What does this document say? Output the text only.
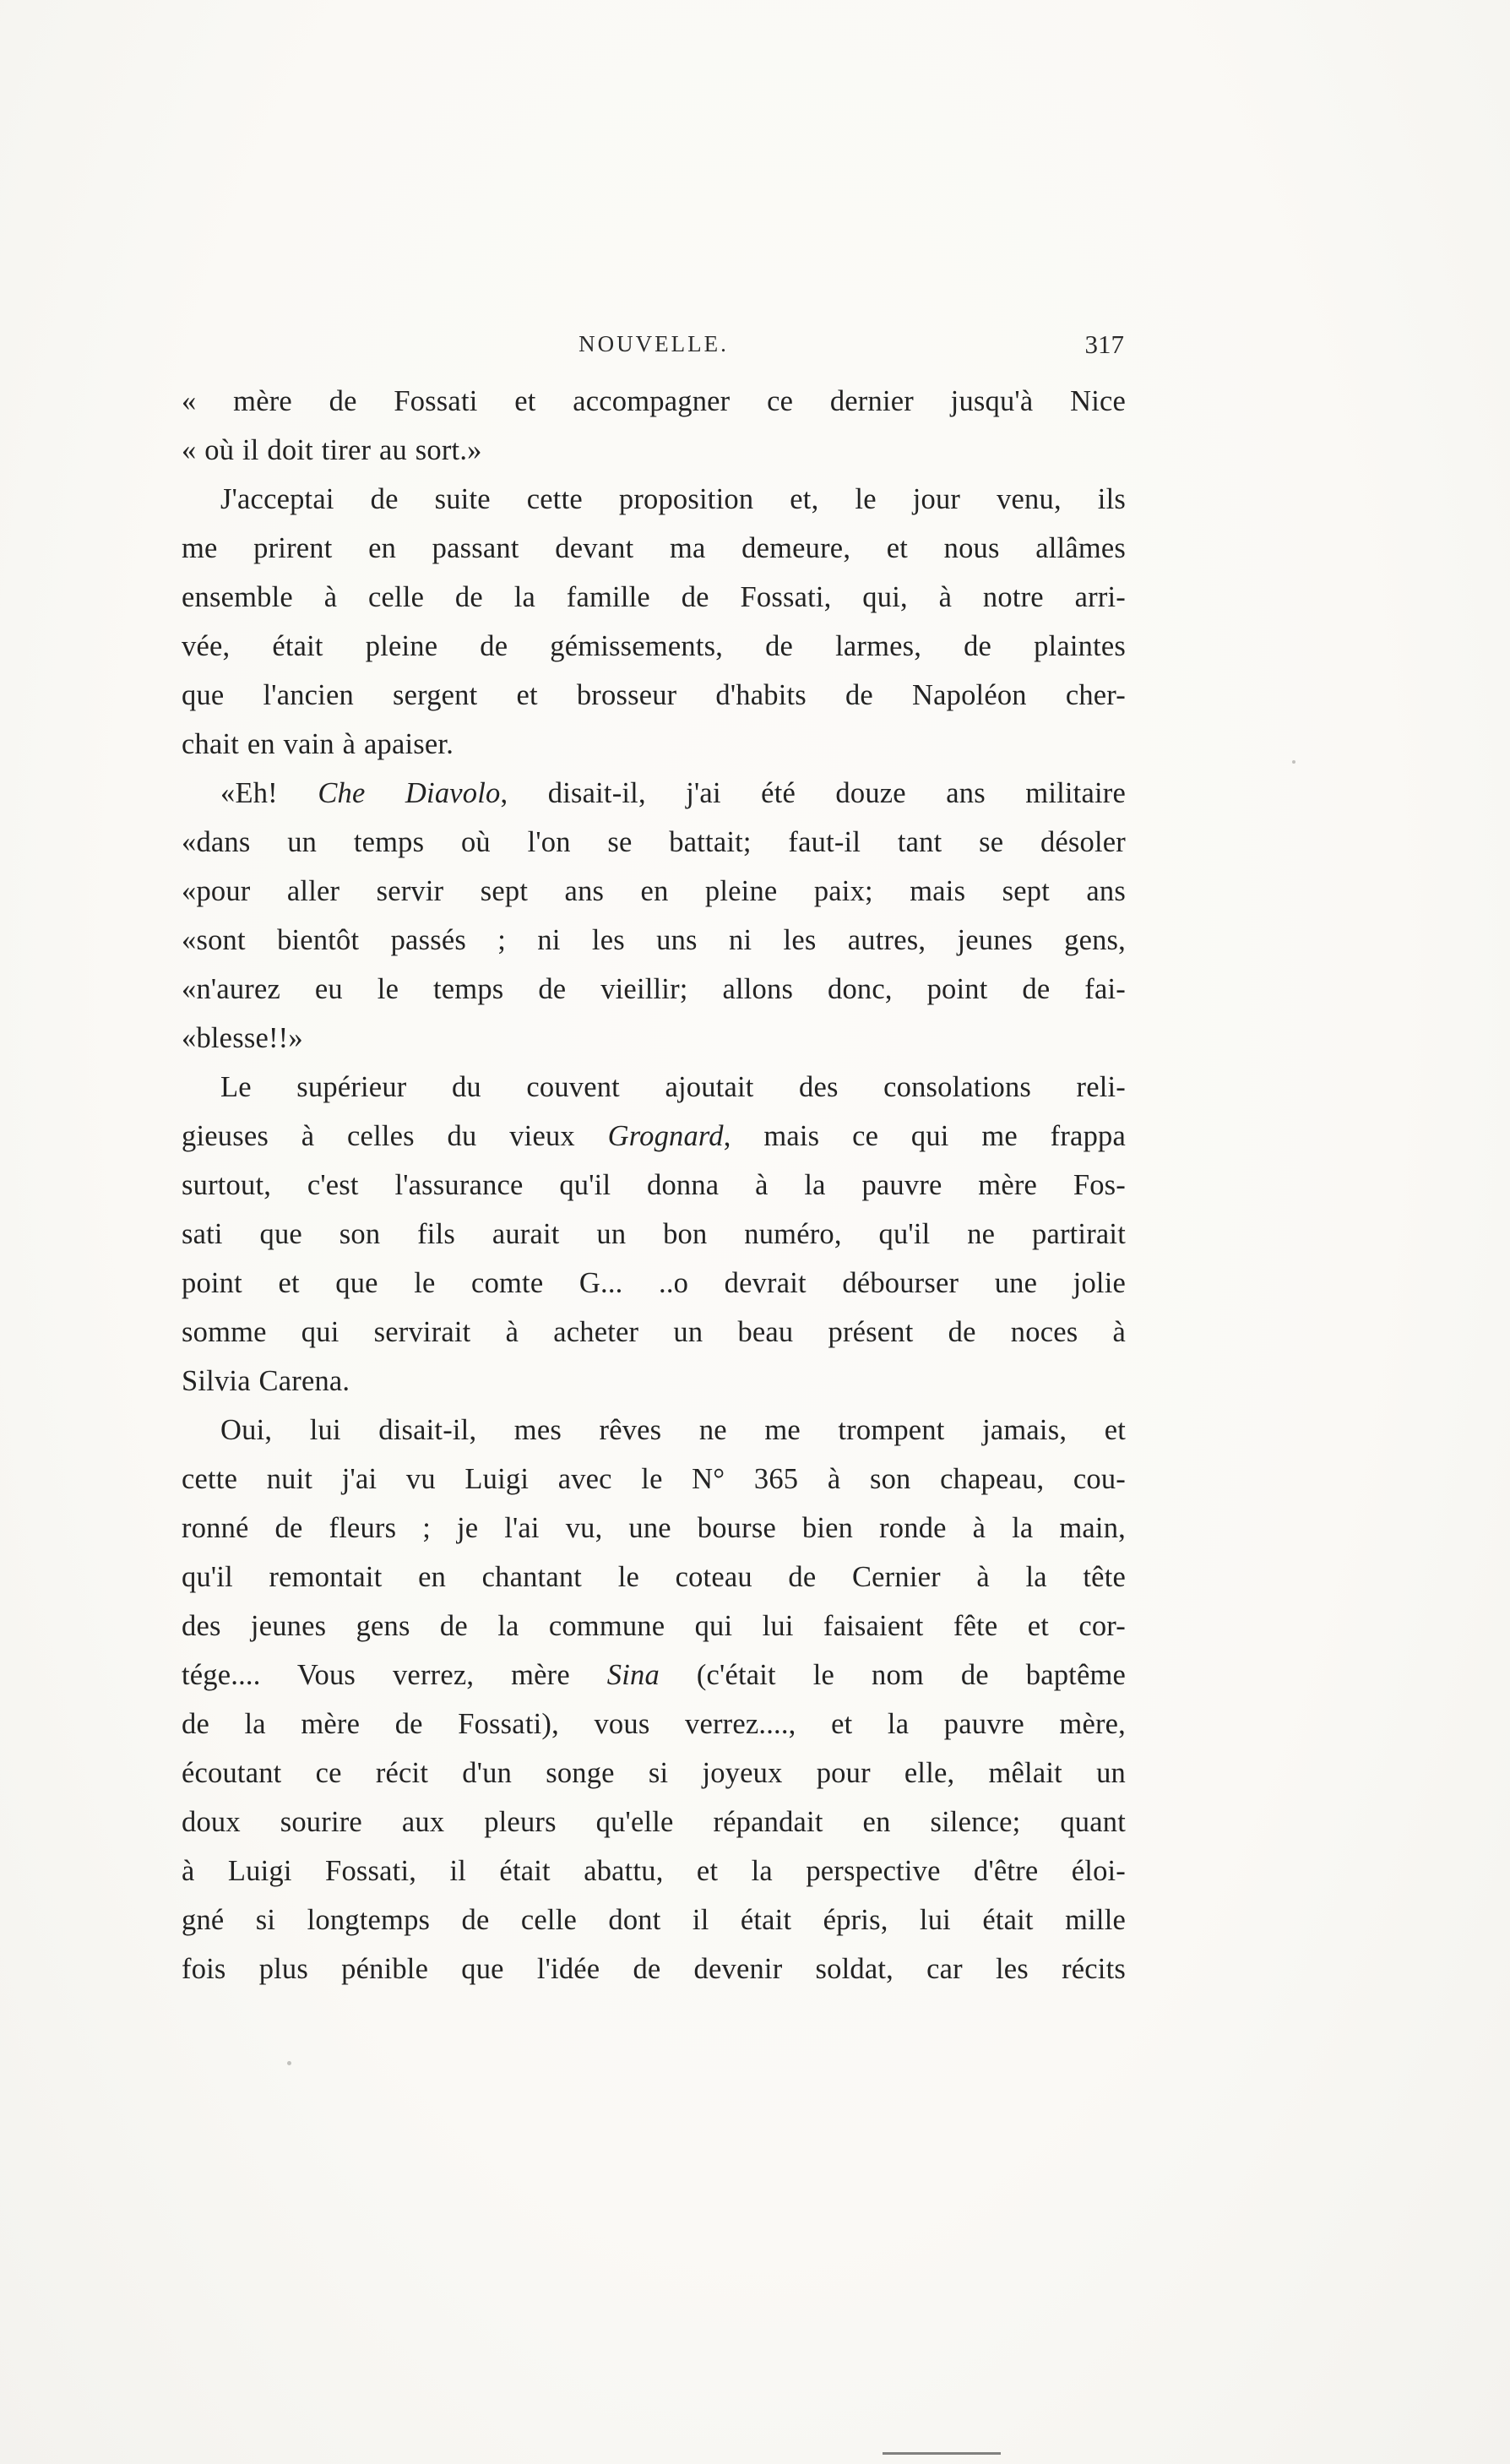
NOUVELLE.	317
« mère de Fossati et accompagner ce dernier jusqu'à Nice
« où il doit tirer au sort.»
J'acceptai de suite cette proposition et, le jour venu, ils
me prirent en passant devant ma demeure, et nous allâmes
ensemble à celle de la famille de Fossati, qui, à notre arri-
vée, était pleine de gémissements, de larmes, de plaintes
que l'ancien sergent et brosseur d'habits de Napoléon cher-
chait en vain à apaiser.
«Eh! Che Diavolo, disait-il, j'ai été douze ans militaire
«dans un temps où l'on se battait; faut-il tant se désoler
«pour aller servir sept ans en pleine paix; mais sept ans
«sont bientôt passés ; ni les uns ni les autres, jeunes gens,
«n'aurez eu le temps de vieillir; allons donc, point de fai-
«blesse!!»
Le supérieur du couvent ajoutait des consolations reli-
gieuses à celles du vieux Grognard, mais ce qui me frappa
surtout, c'est l'assurance qu'il donna à la pauvre mère Fos-
sati que son fils aurait un bon numéro, qu'il ne partirait
point et que le comte G... ..o devrait débourser une jolie
somme qui servirait à acheter un beau présent de noces à
Silvia Carena.
Oui, lui disait-il, mes rêves ne me trompent jamais, et
cette nuit j'ai vu Luigi avec le N° 365 à son chapeau, cou-
ronné de fleurs ; je l'ai vu, une bourse bien ronde à la main,
qu'il remontait en chantant le coteau de Cernier à la tête
des jeunes gens de la commune qui lui faisaient fête et cor-
tége.... Vous verrez, mère Sina (c'était le nom de baptême
de la mère de Fossati), vous verrez...., et la pauvre mère,
écoutant ce récit d'un songe si joyeux pour elle, mêlait un
doux sourire aux pleurs qu'elle répandait en silence; quant
à Luigi Fossati, il était abattu, et la perspective d'être éloi-
gné si longtemps de celle dont il était épris, lui était mille
fois plus pénible que l'idée de devenir soldat, car les récits
